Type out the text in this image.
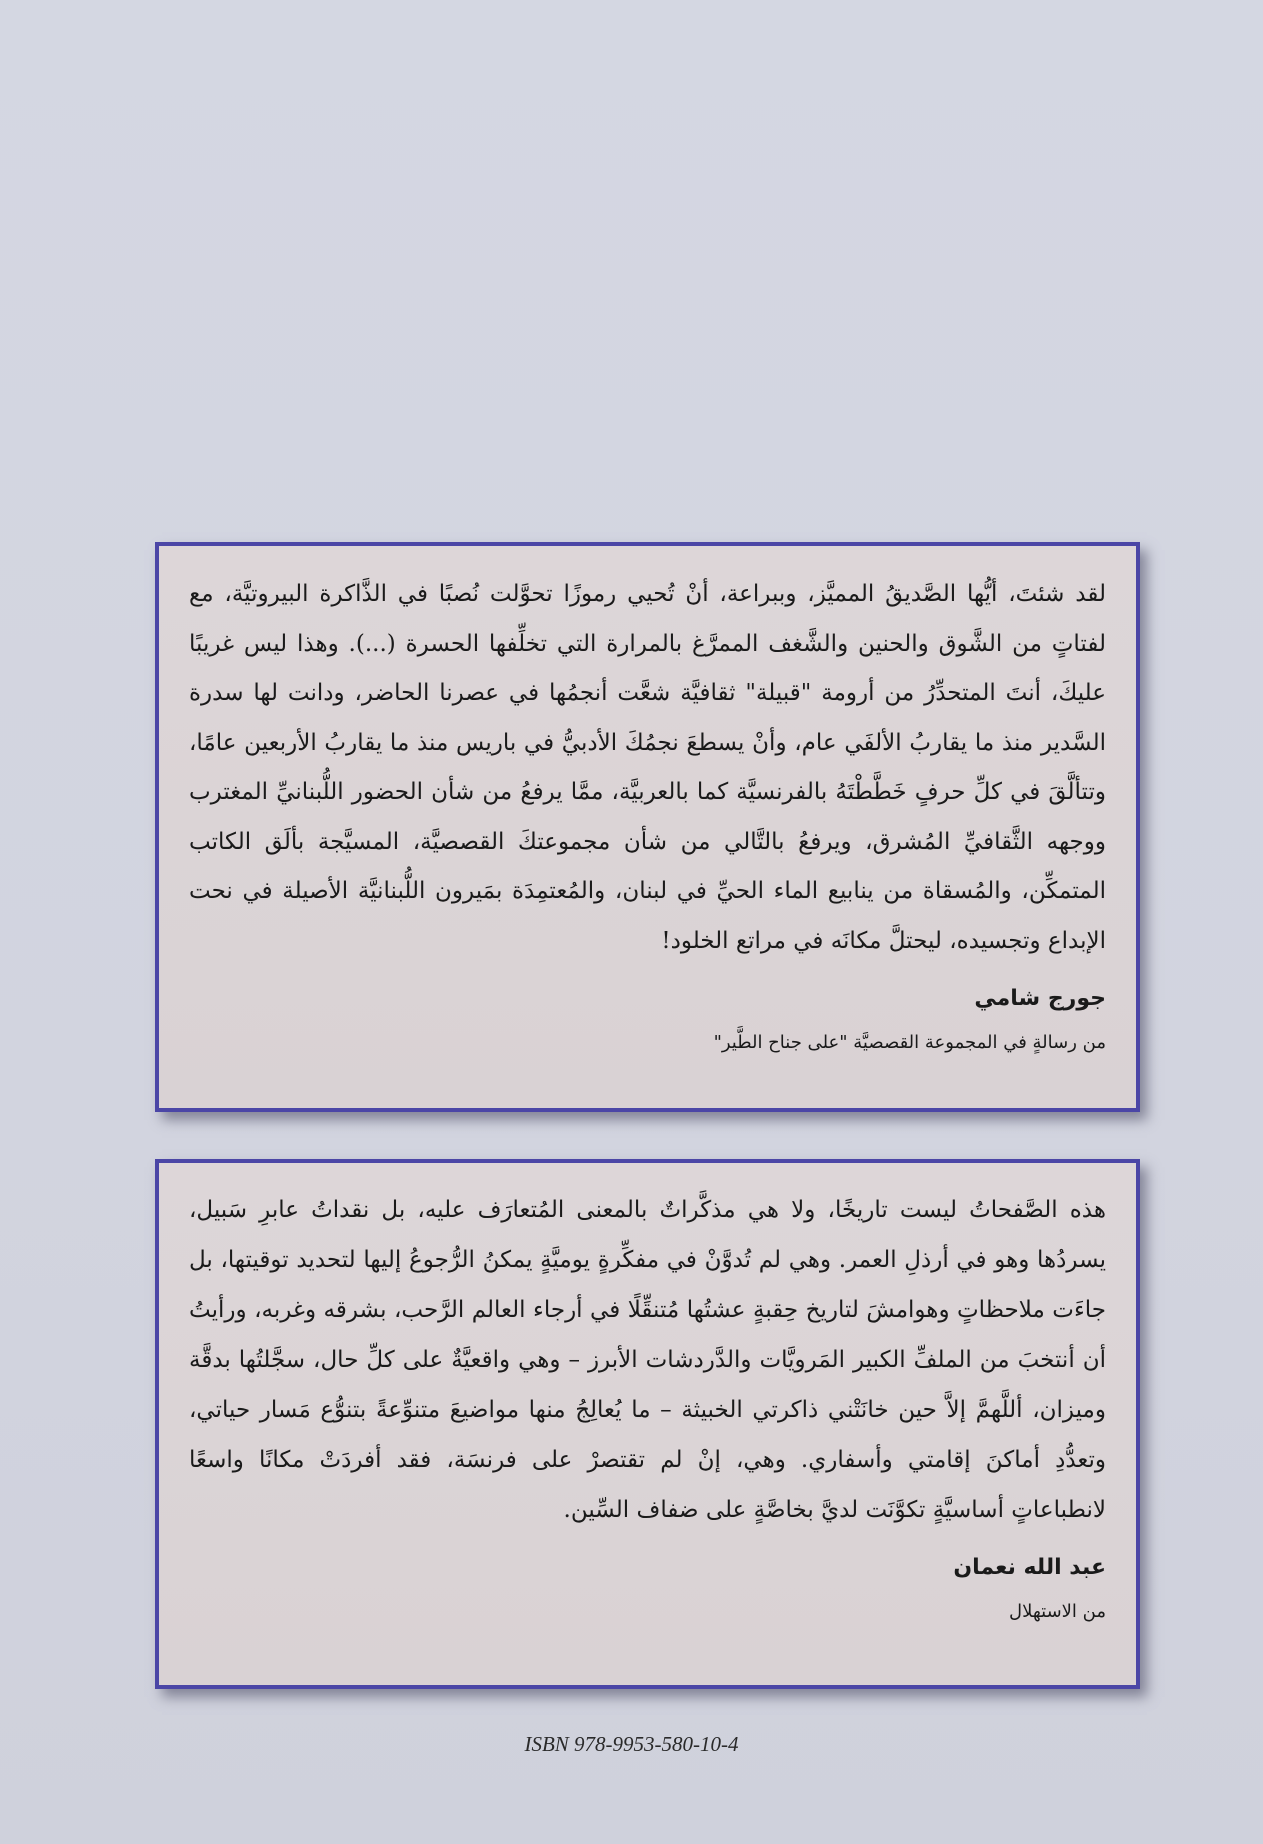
لقد شئتَ، أيُّها الصَّديقُ المميَّز، وببراعة، أنْ تُحيي رموزًا تحوَّلت نُصبًا في الذَّاكرة البيروتيَّة، مع لفتاتٍ من الشَّوق والحنين والشَّغف الممرَّغ بالمرارة التي تخلِّفها الحسرة (...). وهذا ليس غريبًا عليكَ، أنتَ المتحدِّرُ من أرومة "قبيلة" ثقافيَّة شعَّت أنجمُها في عصرنا الحاضر، ودانت لها سدرة السَّدير منذ ما يقاربُ الألفَي عام، وأنْ يسطعَ نجمُكَ الأدبيُّ في باريس منذ ما يقاربُ الأربعين عامًا، وتتألَّقَ في كلِّ حرفٍ خَطَّطْتَهُ بالفرنسيَّة كما بالعربيَّة، ممَّا يرفعُ من شأن الحضور اللُّبنانيِّ المغترب ووجهه الثَّقافيِّ المُشرق، ويرفعُ بالتَّالي من شأن مجموعتكَ القصصيَّة، المسيَّجة بألَق الكاتب المتمكِّن، والمُسقاة من ينابيع الماء الحيِّ في لبنان، والمُعتمِدَة بمَيرون اللُّبنانيَّة الأصيلة في نحت الإبداع وتجسيده، ليحتلَّ مكانَه في مراتع الخلود!

جورج شامي
من رسالةٍ في المجموعة القصصيَّة "على جناح الطَّير"

هذه الصَّفحاتُ ليست تاريخًا، ولا هي مذكَّراتٌ بالمعنى المُتعارَف عليه، بل نقداتُ عابرِ سَبيل، يسردُها وهو في أرذلِ العمر. وهي لم تُدوَّنْ في مفكِّرةٍ يوميَّةٍ يمكنُ الرُّجوعُ إليها لتحديد توقيتها، بل جاءَت ملاحظاتٍ وهوامشَ لتاريخ حِقبةٍ عشتُها مُتنقِّلًا في أرجاء العالم الرَّحب، بشرقه وغربه، ورأيتُ أن أنتخبَ من الملفِّ الكبير المَرويَّات والدَّردشات الأبرز – وهي واقعيَّةٌ على كلِّ حال، سجَّلتُها بدقَّة وميزان، أللَّهمَّ إلاَّ حين خانَتْني ذاكرتي الخبيثة – ما يُعالِجُ منها مواضيعَ متنوِّعةً بتنوُّع مَسار حياتي، وتعدُّدِ أماكنَ إقامتي وأسفاري. وهي، إنْ لم تقتصرْ على فرنسَة، فقد أفردَتْ مكانًا واسعًا لانطباعاتٍ أساسيَّةٍ تكوَّنَت لديَّ بخاصَّةٍ على ضفاف السِّين.

عبد الله نعمان
من الاستهلال
ISBN 978-9953-580-10-4
